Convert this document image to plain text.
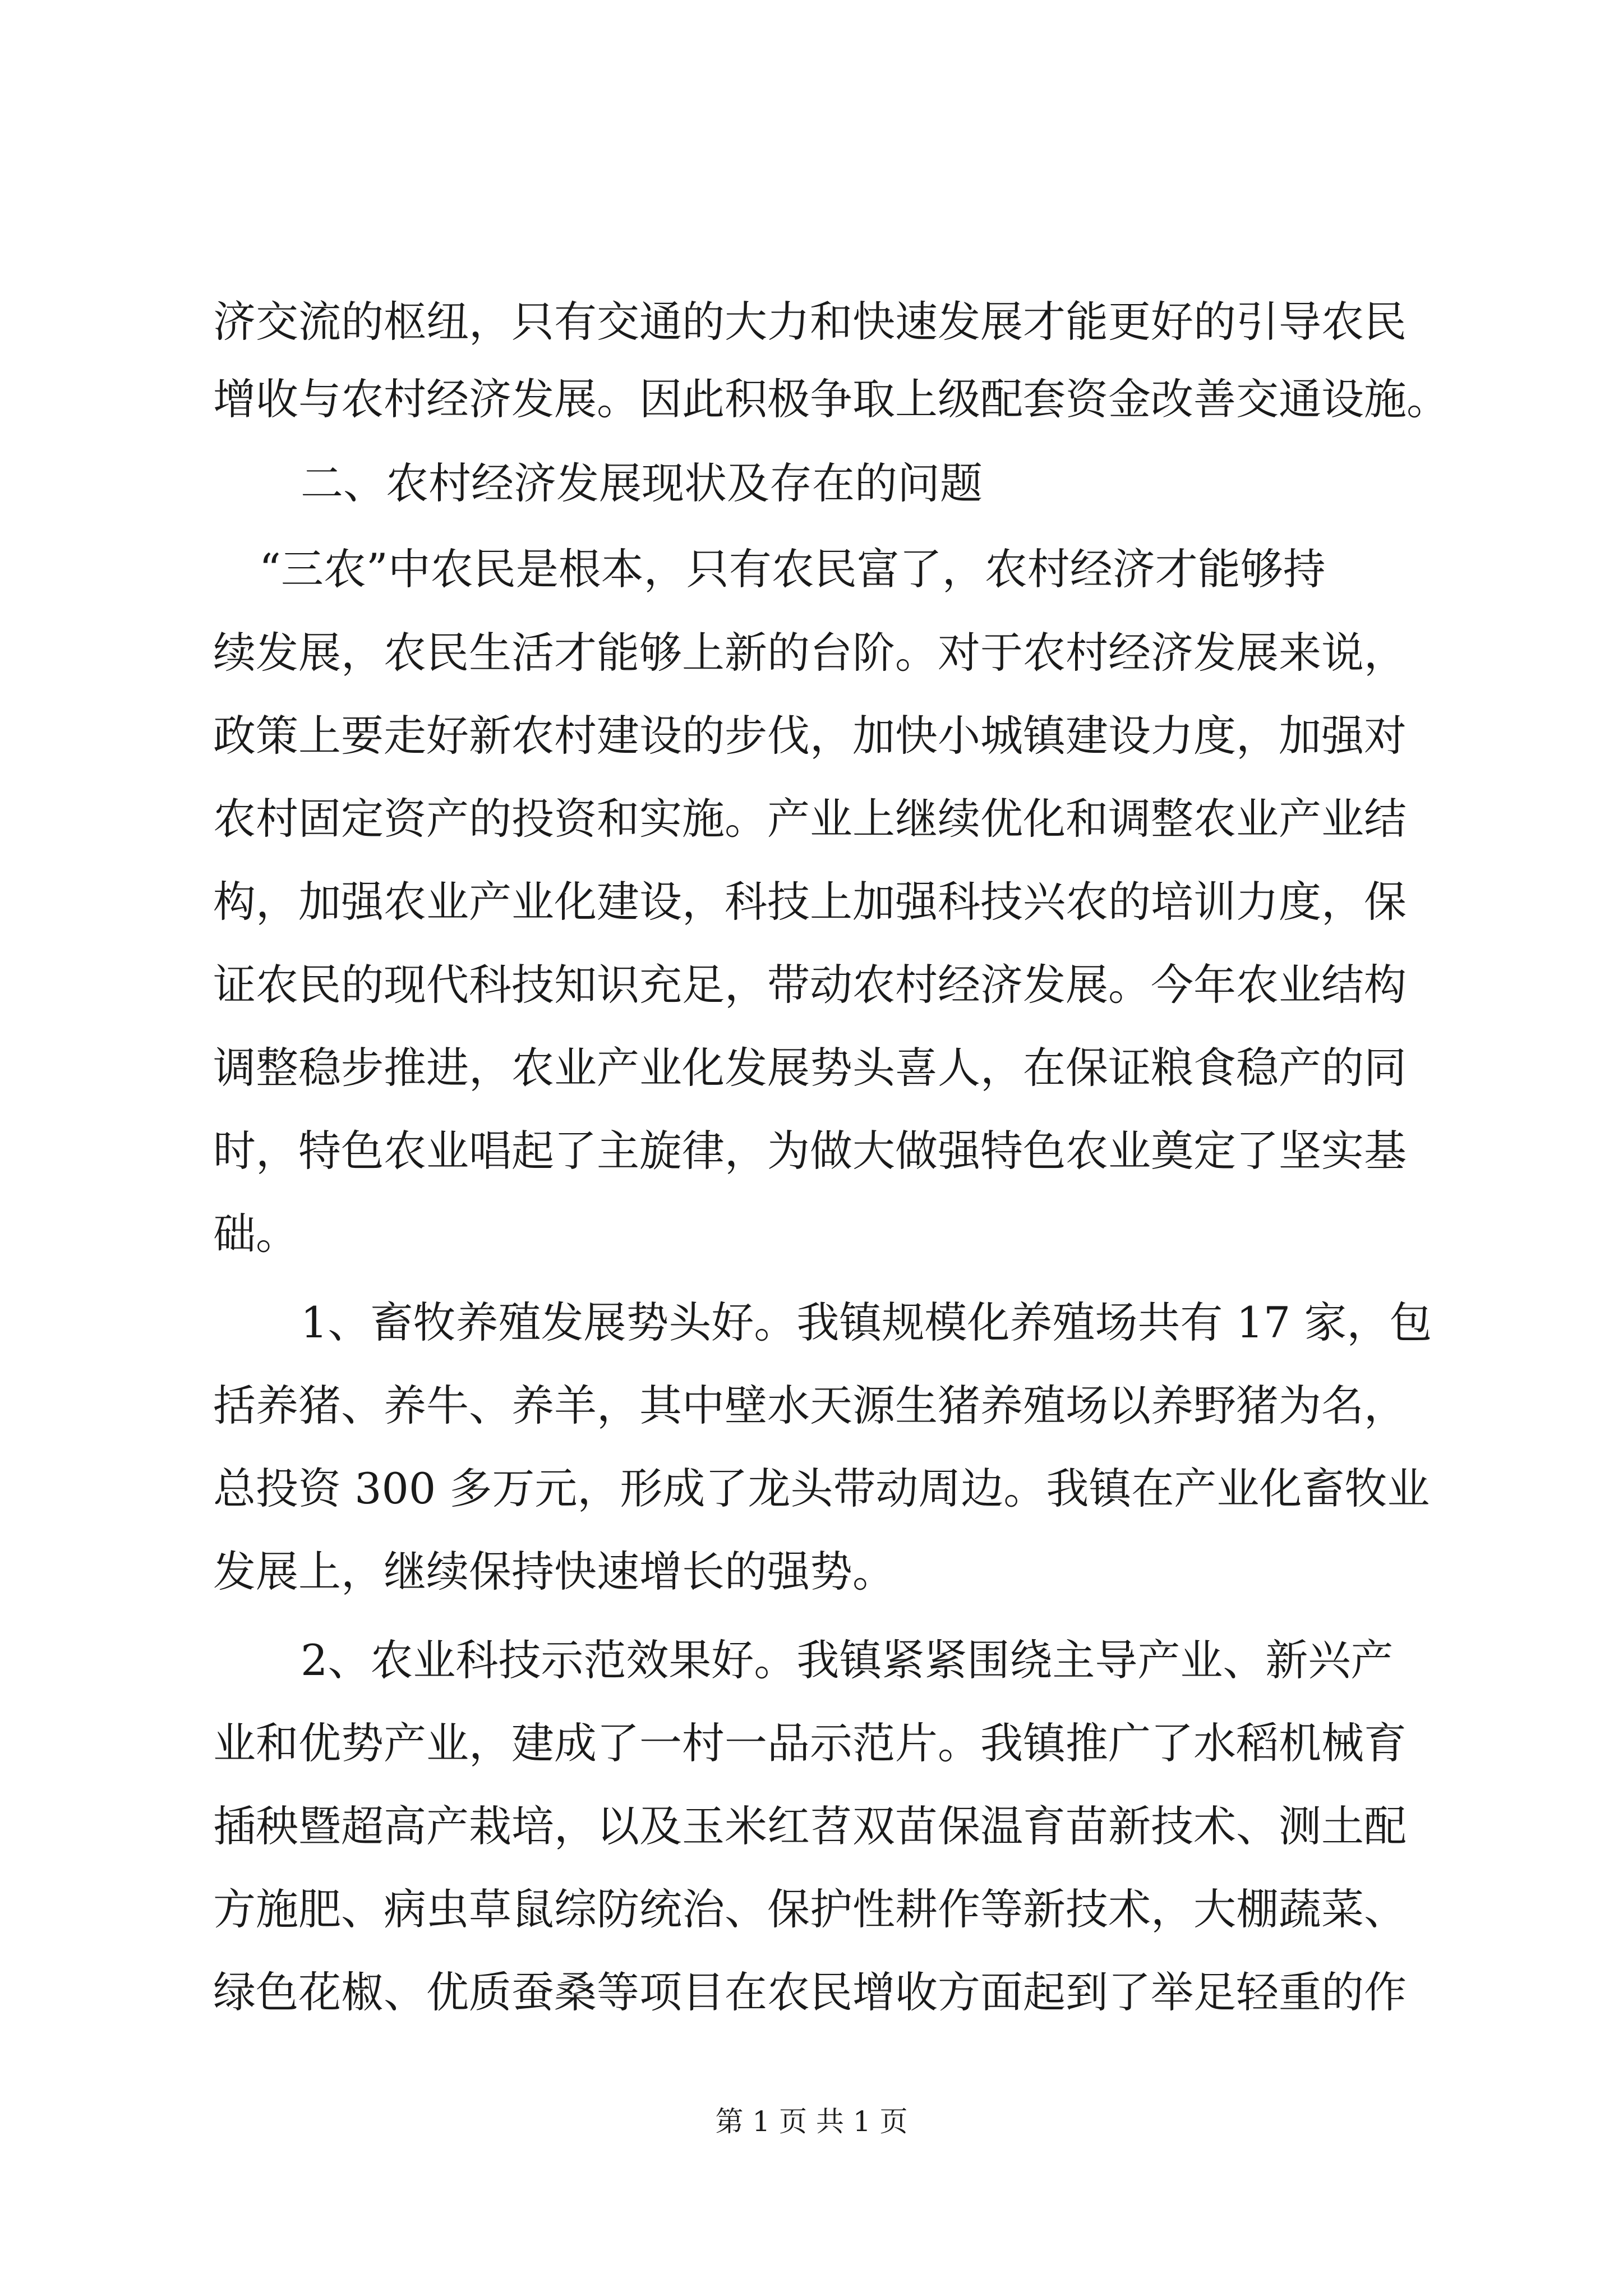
济交流的枢纽，只有交通的大力和快速发展才能更好的引导农民
增收与农村经济发展。因此积极争取上级配套资金改善交通设施。
二、农村经济发展现状及存在的问题
“三农”中农民是根本，只有农民富了，农村经济才能够持
续发展，农民生活才能够上新的台阶。对于农村经济发展来说，
政策上要走好新农村建设的步伐，加快小城镇建设力度，加强对
农村固定资产的投资和实施。产业上继续优化和调整农业产业结
构，加强农业产业化建设，科技上加强科技兴农的培训力度，保
证农民的现代科技知识充足，带动农村经济发展。今年农业结构
调整稳步推进，农业产业化发展势头喜人，在保证粮食稳产的同
时，特色农业唱起了主旋律，为做大做强特色农业奠定了坚实基
础。
1、畜牧养殖发展势头好。我镇规模化养殖场共有 17 家，包
括养猪、养牛、养羊，其中壁水天源生猪养殖场以养野猪为名，
总投资 300 多万元，形成了龙头带动周边。我镇在产业化畜牧业
发展上，继续保持快速增长的强势。
2、农业科技示范效果好。我镇紧紧围绕主导产业、新兴产
业和优势产业，建成了一村一品示范片。我镇推广了水稻机械育
插秧暨超高产栽培，以及玉米红苕双苗保温育苗新技术、测土配
方施肥、病虫草鼠综防统治、保护性耕作等新技术，大棚蔬菜、
绿色花椒、优质蚕桑等项目在农民增收方面起到了举足轻重的作
第 1 页 共 1 页
